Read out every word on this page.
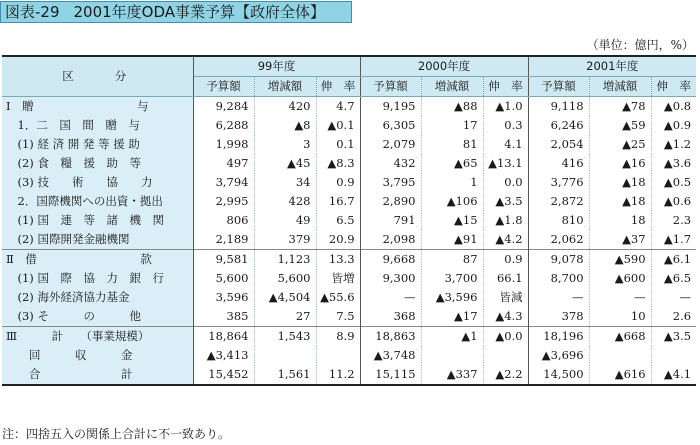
図表-29 2001年度ODA事業予算【政府全体】
（単位：億円，%）
区　　分	99年度			2000年度			2001年度		
	予算額	増減額	伸　率	予算額	増減額	伸　率	予算額	増減額	伸　率
Ⅰ　贈　　　　　　　　　与	9,284	420	4.7	9,195	▲88	▲1.0	9,118	▲78	▲0.8
　1．二　国　間　贈　与	6,288	▲8	▲0.1	6,305	17	0.3	6,246	▲59	▲0.9
　(1) 経 済 開 発 等 援 助	1,998	3	0.1	2,079	81	4.1	2,054	▲25	▲1.2
　(2) 食　糧　援　助　等	497	▲45	▲8.3	432	▲65	▲13.1	416	▲16	▲3.6
　(3) 技　　術　　協　　力	3,794	34	0.9	3,795	1	0.0	3,776	▲18	▲0.5
　2．国際機関への出資・拠出	2,995	428	16.7	2,890	▲106	▲3.5	2,872	▲18	▲0.6
　(1) 国　連　等　諸　機　関	806	49	6.5	791	▲15	▲1.8	810	18	2.3
　(2) 国際開発金融機関	2,189	379	20.9	2,098	▲91	▲4.2	2,062	▲37	▲1.7
Ⅱ　借　　　　　　　　　款	9,581	1,123	13.3	9,668	87	0.9	9,078	▲590	▲6.1
　(1) 国　際　協　力　銀　行	5,600	5,600	皆増	9,300	3,700	66.1	8,700	▲600	▲6.5
　(2) 海外経済協力基金	3,596	▲4,504	▲55.6	—	▲3,596	皆減	—	—	—
　(3) そ　　　の　　　他	385	27	7.5	368	▲17	▲4.3	378	10	2.6
Ⅲ　　　計　　（事業規模）	18,864	1,543	8.9	18,863	▲1	▲0.0	18,196	▲668	▲3.5
　　回　　　収　　　金	▲3,413			▲3,748			▲3,696		
　　合　　　　　　　計	15,452	1,561	11.2	15,115	▲337	▲2.2	14,500	▲616	▲4.1
注：四捨五入の関係上合計に不一致あり。
